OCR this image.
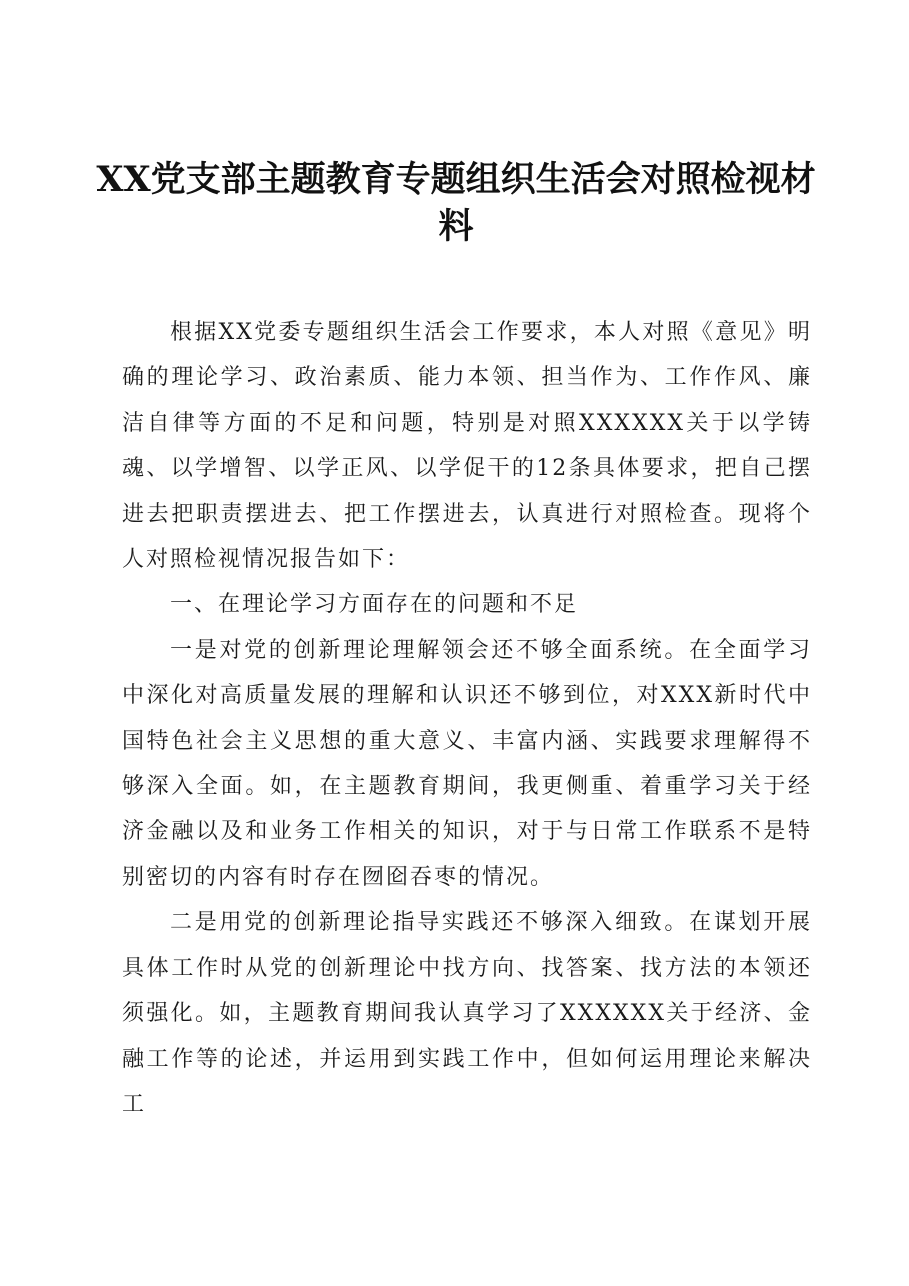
XX党支部主题教育专题组织生活会对照检视材料

根据XX党委专题组织生活会工作要求，本人对照《意见》明确的理论学习、政治素质、能力本领、担当作为、工作作风、廉洁自律等方面的不足和问题，特别是对照XXXXXX关于以学铸魂、以学增智、以学正风、以学促干的12条具体要求，把自己摆进去把职责摆进去、把工作摆进去，认真进行对照检查。现将个人对照检视情况报告如下：

一、在理论学习方面存在的问题和不足

一是对党的创新理论理解领会还不够全面系统。在全面学习中深化对高质量发展的理解和认识还不够到位，对XXX新时代中国特色社会主义思想的重大意义、丰富内涵、实践要求理解得不够深入全面。如，在主题教育期间，我更侧重、着重学习关于经济金融以及和业务工作相关的知识，对于与日常工作联系不是特别密切的内容有时存在囫囵吞枣的情况。

二是用党的创新理论指导实践还不够深入细致。在谋划开展具体工作时从党的创新理论中找方向、找答案、找方法的本领还须强化。如，主题教育期间我认真学习了XXXXXX关于经济、金融工作等的论述，并运用到实践工作中，但如何运用理论来解决工
